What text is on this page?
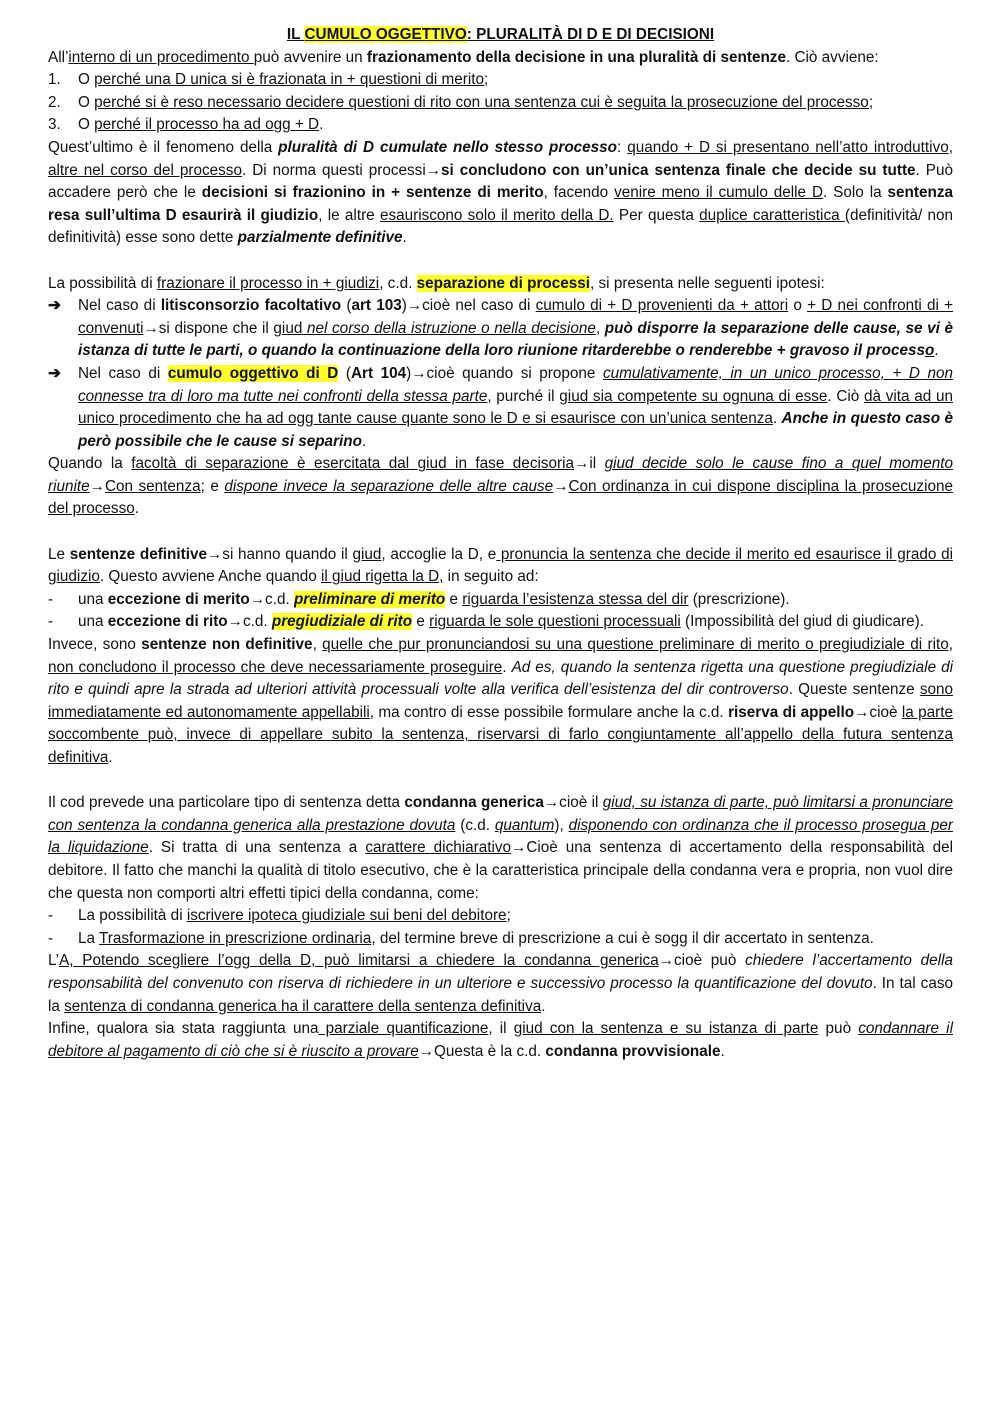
IL CUMULO OGGETTIVO: PLURALITÀ DI D E DI DECISIONI
All’interno di un procedimento può avvenire un frazionamento della decisione in una pluralità di sentenze. Ciò avviene:
1. O perché una D unica si è frazionata in + questioni di merito;
2. O perché si è reso necessario decidere questioni di rito con una sentenza cui è seguita la prosecuzione del processo;
3. O perché il processo ha ad ogg + D.
Quest’ultimo è il fenomeno della pluralità di D cumulate nello stesso processo: quando + D si presentano nell’atto introduttivo, altre nel corso del processo. Di norma questi processi→si concludono con un’unica sentenza finale che decide su tutte. Può accadere però che le decisioni si frazionino in + sentenze di merito, facendo venire meno il cumulo delle D. Solo la sentenza resa sull’ultima D esaurirà il giudizio, le altre esauriscono solo il merito della D. Per questa duplice caratteristica (definitività/ non definitività) esse sono dette parzialmente definitive.
La possibilità di frazionare il processo in + giudizi, c.d. separazione di processi, si presenta nelle seguenti ipotesi:
➔ Nel caso di litisconsorzio facoltativo (art 103)→cioè nel caso di cumulo di + D provenienti da + attori o + D nei confronti di + convenuti→si dispone che il giud nel corso della istruzione o nella decisione, può disporre la separazione delle cause, se vi è istanza di tutte le parti, o quando la continuazione della loro riunione ritarderebbe o renderebbe + gravoso il processo.
➔ Nel caso di cumulo oggettivo di D (Art 104)→cioè quando si propone cumulativamente, in un unico processo, + D non connesse tra di loro ma tutte nei confronti della stessa parte, purché il giud sia competente su ognuna di esse. Ciò dà vita ad un unico procedimento che ha ad ogg tante cause quante sono le D e si esaurisce con un’unica sentenza. Anche in questo caso è però possibile che le cause si separino.
Quando la facoltà di separazione è esercitata dal giud in fase decisoria→il giud decide solo le cause fino a quel momento riunite→Con sentenza; e dispone invece la separazione delle altre cause→Con ordinanza in cui dispone disciplina la prosecuzione del processo.
Le sentenze definitive→si hanno quando il giud, accoglie la D, e pronuncia la sentenza che decide il merito ed esaurisce il grado di giudizio. Questo avviene Anche quando il giud rigetta la D, in seguito ad:
- una eccezione di merito→c.d. preliminare di merito e riguarda l’esistenza stessa del dir (prescrizione).
- una eccezione di rito→c.d. pregiudiziale di rito e riguarda le sole questioni processuali (Impossibilità del giud di giudicare).
Invece, sono sentenze non definitive, quelle che pur pronunciandosi su una questione preliminare di merito o pregiudiziale di rito, non concludono il processo che deve necessariamente proseguire. Ad es, quando la sentenza rigetta una questione pregiudiziale di rito e quindi apre la strada ad ulteriori attività processuali volte alla verifica dell’esistenza del dir controverso. Queste sentenze sono immediatamente ed autonomamente appellabili, ma contro di esse possibile formulare anche la c.d. riserva di appello→cioè la parte soccombente può, invece di appellare subito la sentenza, riservarsi di farlo congiuntamente all’appello della futura sentenza definitiva.
Il cod prevede una particolare tipo di sentenza detta condanna generica→cioè il giud, su istanza di parte, può limitarsi a pronunciare con sentenza la condanna generica alla prestazione dovuta (c.d. quantum), disponendo con ordinanza che il processo prosegua per la liquidazione. Si tratta di una sentenza a carattere dichiarativo→Cioè una sentenza di accertamento della responsabilità del debitore. Il fatto che manchi la qualità di titolo esecutivo, che è la caratteristica principale della condanna vera e propria, non vuol dire che questa non comporti altri effetti tipici della condanna, come:
- La possibilità di iscrivere ipoteca giudiziale sui beni del debitore;
- La Trasformazione in prescrizione ordinaria, del termine breve di prescrizione a cui è sogg il dir accertato in sentenza.
L’A, Potendo scegliere l’ogg della D, può limitarsi a chiedere la condanna generica→cioè può chiedere l’accertamento della responsabilità del convenuto con riserva di richiedere in un ulteriore e successivo processo la quantificazione del dovuto. In tal caso la sentenza di condanna generica ha il carattere della sentenza definitiva.
Infine, qualora sia stata raggiunta una parziale quantificazione, il giud con la sentenza e su istanza di parte può condannare il debitore al pagamento di ciò che si è riuscito a provare→Questa è la c.d. condanna provvisionale.
